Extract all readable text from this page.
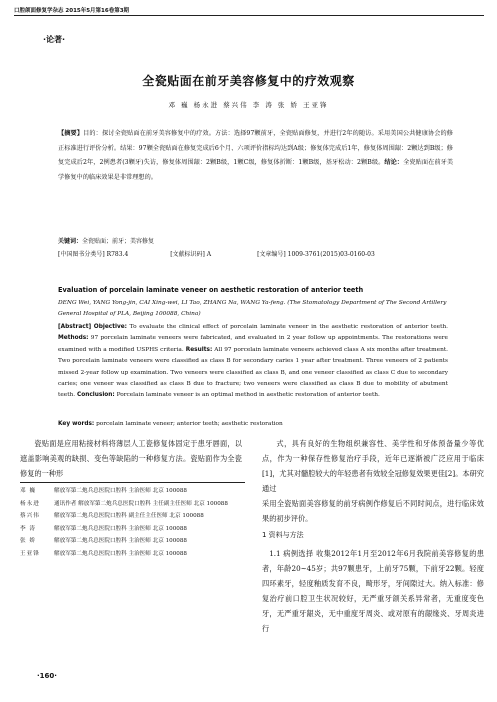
口腔颌面修复学杂志 2015年5月第16卷第3期
·论著·
全瓷贴面在前牙美容修复中的疗效观察
邓 巍 杨永进 蔡兴伟 李 涛 张 娇 王亚锋
【摘要】目的：探讨全瓷贴面在前牙美容修复中的疗效。方法：选择97颗前牙，全瓷贴面修复，并进行2年的随访。采用美国公共健康协会的修正标准进行评价分析。结果：97颗全瓷贴面在修复完成后6个月、六项评价指标均达到A级；修复体完成后1年，修复体周围龈：2颗达到B级；修复完成后2年，2例患者(3颗牙)失访，修复体周围龈：2颗B级，1颗C级，修复体折断：1颗B级，基牙松动：2颗B级。结论：全瓷贴面在前牙美学修复中的临床效果是非常理想的。
关键词：全瓷贴面；前牙；美容修复
[中国图书分类号] R783.4	[文献标识码] A	[文章编号] 1009-3761(2015)03-0160-03
Evaluation of porcelain laminate veneer on aesthetic restoration of anterior teeth
DENG Wei, YANG Yong-jin, CAI Xing-wei, LI Tao, ZHANG Na, WANG Ya-feng. (The Stomatology Department of The Second Artillery General Hospital of PLA, Beijing 100088, China)
[Abstract] Objective: To evaluate the clinical effect of porcelain laminate veneer in the aesthetic restoration of anterior teeth. Methods: 97 porcelain laminate veneers were fabricated, and evaluated in 2 year follow up appointments. The restorations were examined with a modified USPHS criteria. Results: All 97 porcelain laminate veneers achieved class A six months after treatment. Two porcelain laminate veneers were classified as class B for secondary caries 1 year after treatment. Three veneers of 2 patients missed 2-year follow up examination. Two veneers were classified as class B, and one veneer classified as class C due to secondary caries; one veneer was classified as class B due to fracture; two veneers were classified as class B due to mobility of abutment teeth. Conclusion: Porcelain laminate veneer is an optimal method in aesthetic restoration of anterior teeth.
Key words: porcelain laminate veneer; anterior teeth; aesthetic restoration
瓷贴面是应用粘接材料将薄层人工瓷修复体固定于患牙唇面，以遮盖影响美观的缺损、变色等缺陷的一种修复方法。瓷贴面作为全瓷修复的一种形
邓 巍	解放军第二炮兵总医院口腔科 主治医师 北京 100088
杨永进	通讯作者 解放军第二炮兵总医院口腔科 主任副主任医师 北京 100088
蔡兴伟	解放军第二炮兵总医院口腔科 副主任主任医师 北京 100088
李 涛	解放军第二炮兵总医院口腔科 主治医师 北京 100088
张 娇	解放军第二炮兵总医院口腔科 主治医师 北京 100088
王亚锋	解放军第二炮兵总医院口腔科 主治医师 北京 100088
式，具有良好的生物组织兼容性、美学性和牙体预备量少等优点，作为一种保存性修复治疗手段，近年已逐渐被广泛应用于临床[1]，尤其对髓腔较大的年轻患者有效较全冠修复效果更佳[2]。本研究通过
采用全瓷贴面美容修复的前牙病例作修复后不同时间点，进行临床效果的初步评价。
1 资料与方法
1.1 病例选择 收集2012年1月至2012年6月我院前美容修复的患者，年龄20~45岁；共97颗患牙，上前牙75颗，下前牙22颗。轻度四环素牙，轻度釉质发育不良，畸形牙，牙间隙过大。纳入标准：修复治疗前口腔卫生状况较好，无严重牙颌关系异常者，无重度变色牙，无严重牙龈炎，无中重度牙周炎、或对原有的龈缘炎、牙周炎进行
·160·
